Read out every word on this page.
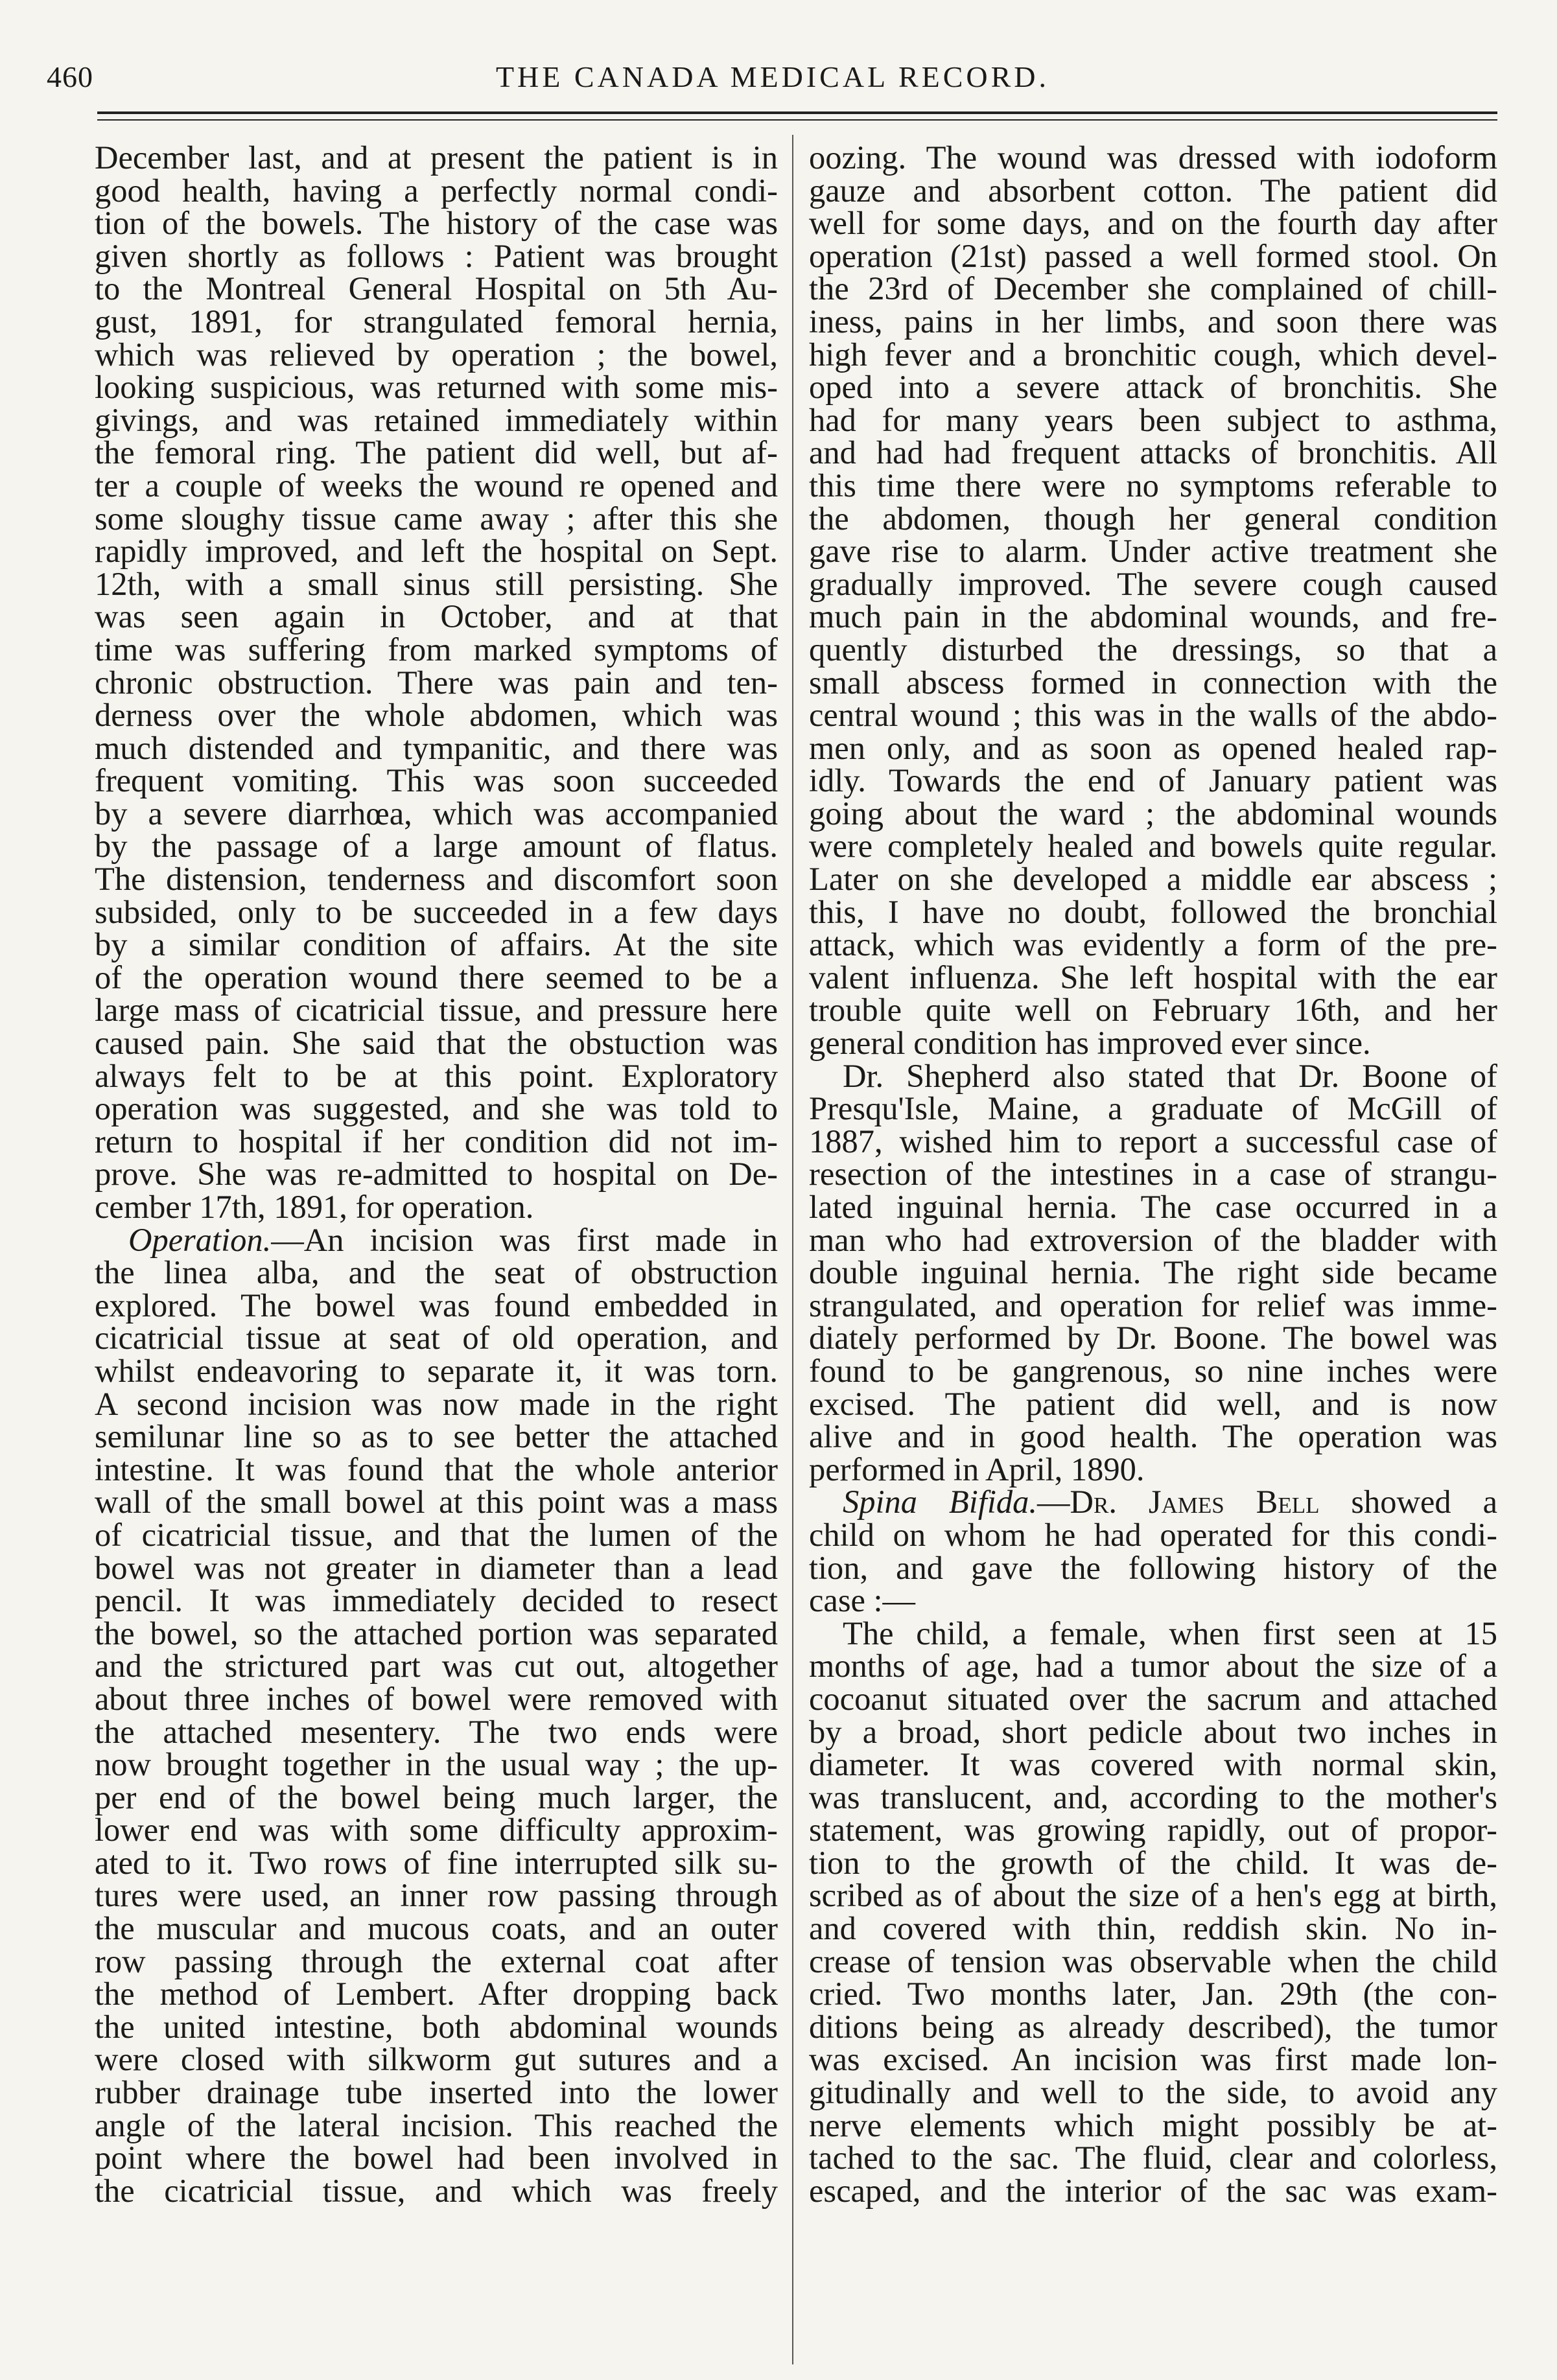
460	THE CANADA MEDICAL RECORD.
December last, and at present the patient is in
good health, having a perfectly normal condi-
tion of the bowels. The history of the case was
given shortly as follows : Patient was brought
to the Montreal General Hospital on 5th Au-
gust, 1891, for strangulated femoral hernia,
which was relieved by operation ; the bowel,
looking suspicious, was returned with some mis-
givings, and was retained immediately within
the femoral ring. The patient did well, but af-
ter a couple of weeks the wound re opened and
some sloughy tissue came away ; after this she
rapidly improved, and left the hospital on Sept.
12th, with a small sinus still persisting. She
was seen again in October, and at that
time was suffering from marked symptoms of
chronic obstruction. There was pain and ten-
derness over the whole abdomen, which was
much distended and tympanitic, and there was
frequent vomiting. This was soon succeeded
by a severe diarrhœa, which was accompanied
by the passage of a large amount of flatus.
The distension, tenderness and discomfort soon
subsided, only to be succeeded in a few days
by a similar condition of affairs. At the site
of the operation wound there seemed to be a
large mass of cicatricial tissue, and pressure here
caused pain. She said that the obstuction was
always felt to be at this point. Exploratory
operation was suggested, and she was told to
return to hospital if her condition did not im-
prove. She was re-admitted to hospital on De-
cember 17th, 1891, for operation.
Operation.—An incision was first made in
the linea alba, and the seat of obstruction
explored. The bowel was found embedded in
cicatricial tissue at seat of old operation, and
whilst endeavoring to separate it, it was torn.
A second incision was now made in the right
semilunar line so as to see better the attached
intestine. It was found that the whole anterior
wall of the small bowel at this point was a mass
of cicatricial tissue, and that the lumen of the
bowel was not greater in diameter than a lead
pencil. It was immediately decided to resect
the bowel, so the attached portion was separated
and the strictured part was cut out, altogether
about three inches of bowel were removed with
the attached mesentery. The two ends were
now brought together in the usual way ; the up-
per end of the bowel being much larger, the
lower end was with some difficulty approxim-
ated to it. Two rows of fine interrupted silk su-
tures were used, an inner row passing through
the muscular and mucous coats, and an outer
row passing through the external coat after
the method of Lembert. After dropping back
the united intestine, both abdominal wounds
were closed with silkworm gut sutures and a
rubber drainage tube inserted into the lower
angle of the lateral incision. This reached the
point where the bowel had been involved in
the cicatricial tissue, and which was freely
oozing. The wound was dressed with iodoform
gauze and absorbent cotton. The patient did
well for some days, and on the fourth day after
operation (21st) passed a well formed stool. On
the 23rd of December she complained of chill-
iness, pains in her limbs, and soon there was
high fever and a bronchitic cough, which devel-
oped into a severe attack of bronchitis. She
had for many years been subject to asthma,
and had had frequent attacks of bronchitis. All
this time there were no symptoms referable to
the abdomen, though her general condition
gave rise to alarm. Under active treatment she
gradually improved. The severe cough caused
much pain in the abdominal wounds, and fre-
quently disturbed the dressings, so that a
small abscess formed in connection with the
central wound ; this was in the walls of the abdo-
men only, and as soon as opened healed rap-
idly. Towards the end of January patient was
going about the ward ; the abdominal wounds
were completely healed and bowels quite regular.
Later on she developed a middle ear abscess ;
this, I have no doubt, followed the bronchial
attack, which was evidently a form of the pre-
valent influenza. She left hospital with the ear
trouble quite well on February 16th, and her
general condition has improved ever since.
Dr. Shepherd also stated that Dr. Boone of
Presqu'Isle, Maine, a graduate of McGill of
1887, wished him to report a successful case of
resection of the intestines in a case of strangu-
lated inguinal hernia. The case occurred in a
man who had extroversion of the bladder with
double inguinal hernia. The right side became
strangulated, and operation for relief was imme-
diately performed by Dr. Boone. The bowel was
found to be gangrenous, so nine inches were
excised. The patient did well, and is now
alive and in good health. The operation was
performed in April, 1890.
Spina Bifida.—Dr. James Bell showed a
child on whom he had operated for this condi-
tion, and gave the following history of the
case :—
The child, a female, when first seen at 15
months of age, had a tumor about the size of a
cocoanut situated over the sacrum and attached
by a broad, short pedicle about two inches in
diameter. It was covered with normal skin,
was translucent, and, according to the mother's
statement, was growing rapidly, out of propor-
tion to the growth of the child. It was de-
scribed as of about the size of a hen's egg at birth,
and covered with thin, reddish skin. No in-
crease of tension was observable when the child
cried. Two months later, Jan. 29th (the con-
ditions being as already described), the tumor
was excised. An incision was first made lon-
gitudinally and well to the side, to avoid any
nerve elements which might possibly be at-
tached to the sac. The fluid, clear and colorless,
escaped, and the interior of the sac was exam-
